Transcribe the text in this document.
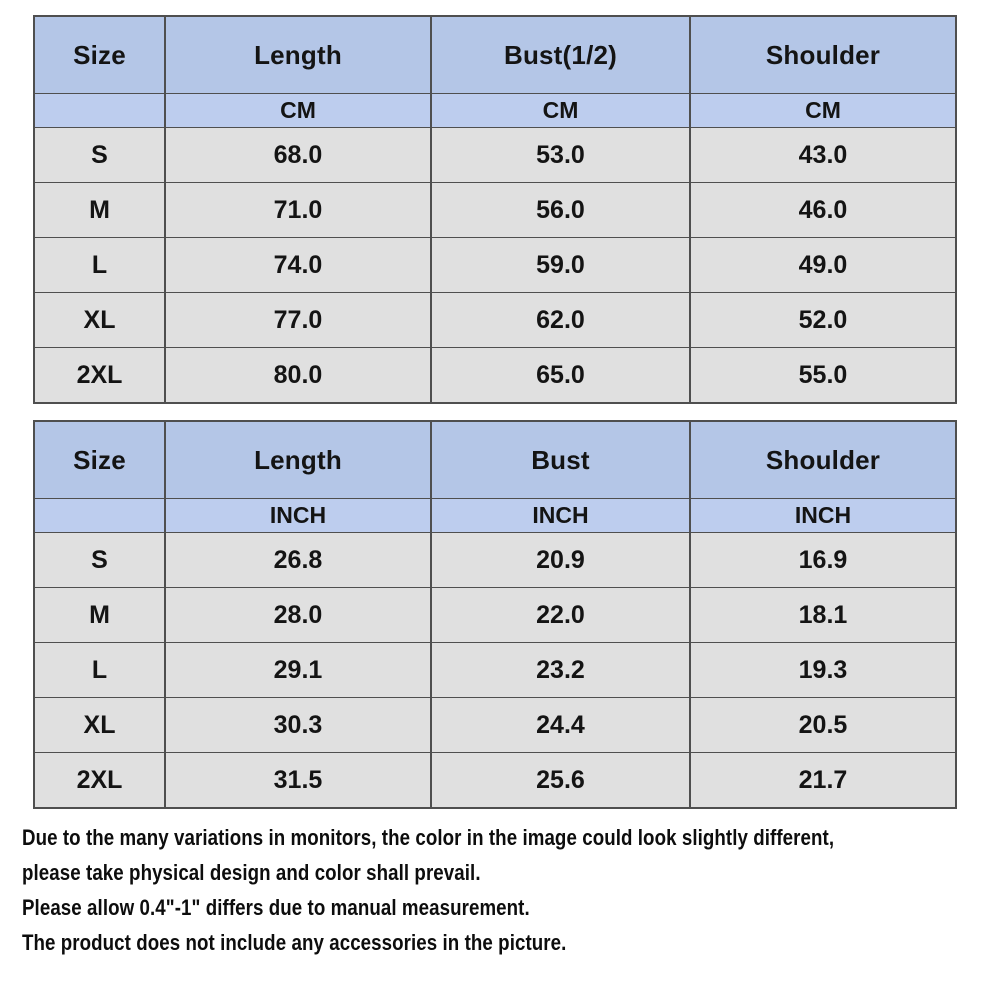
Size	Length	Bust(1/2)	Shoulder
	CM	CM	CM
S	68.0	53.0	43.0
M	71.0	56.0	46.0
L	74.0	59.0	49.0
XL	77.0	62.0	52.0
2XL	80.0	65.0	55.0
Size	Length	Bust	Shoulder
	INCH	INCH	INCH
S	26.8	20.9	16.9
M	28.0	22.0	18.1
L	29.1	23.2	19.3
XL	30.3	24.4	20.5
2XL	31.5	25.6	21.7

Due to the many variations in monitors, the color in the image could look slightly different,

please take physical design and color shall prevail.

Please allow 0.4"-1" differs due to manual measurement.

The product does not include any accessories in the picture.
